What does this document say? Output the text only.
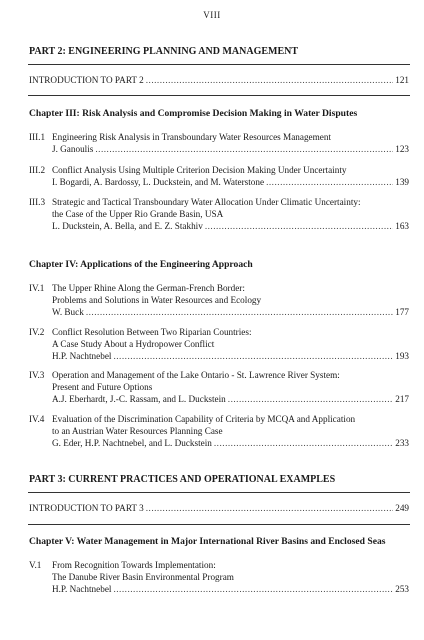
VIII
PART 2: ENGINEERING PLANNING AND MANAGEMENT
INTRODUCTION TO PART 2 .....	121
Chapter III: Risk Analysis and Compromise Decision Making in Water Disputes
III.1 Engineering Risk Analysis in Transboundary Water Resources Management
J. Ganoulis .....	123
III.2 Conflict Analysis Using Multiple Criterion Decision Making Under Uncertainty
I. Bogardi, A. Bardossy, L. Duckstein, and M. Waterstone .....	139
III.3 Strategic and Tactical Transboundary Water Allocation Under Climatic Uncertainty:
the Case of the Upper Rio Grande Basin, USA
L. Duckstein, A. Bella, and E. Z. Stakhiv .....	163
Chapter IV: Applications of the Engineering Approach
IV.1 The Upper Rhine Along the German-French Border:
Problems and Solutions in Water Resources and Ecology
W. Buck .....	177
IV.2 Conflict Resolution Between Two Riparian Countries:
A Case Study About a Hydropower Conflict
H.P. Nachtnebel .....	193
IV.3 Operation and Management of the Lake Ontario - St. Lawrence River System:
Present and Future Options
A.J. Eberhardt, J.-C. Rassam, and L. Duckstein .....	217
IV.4 Evaluation of the Discrimination Capability of Criteria by MCQA and Application
to an Austrian Water Resources Planning Case
G. Eder, H.P. Nachtnebel, and L. Duckstein .....	233
PART 3: CURRENT PRACTICES AND OPERATIONAL EXAMPLES
INTRODUCTION TO PART 3 .....	249
Chapter V: Water Management in Major International River Basins and Enclosed Seas
V.1 From Recognition Towards Implementation:
The Danube River Basin Environmental Program
H.P. Nachtnebel .....	253
